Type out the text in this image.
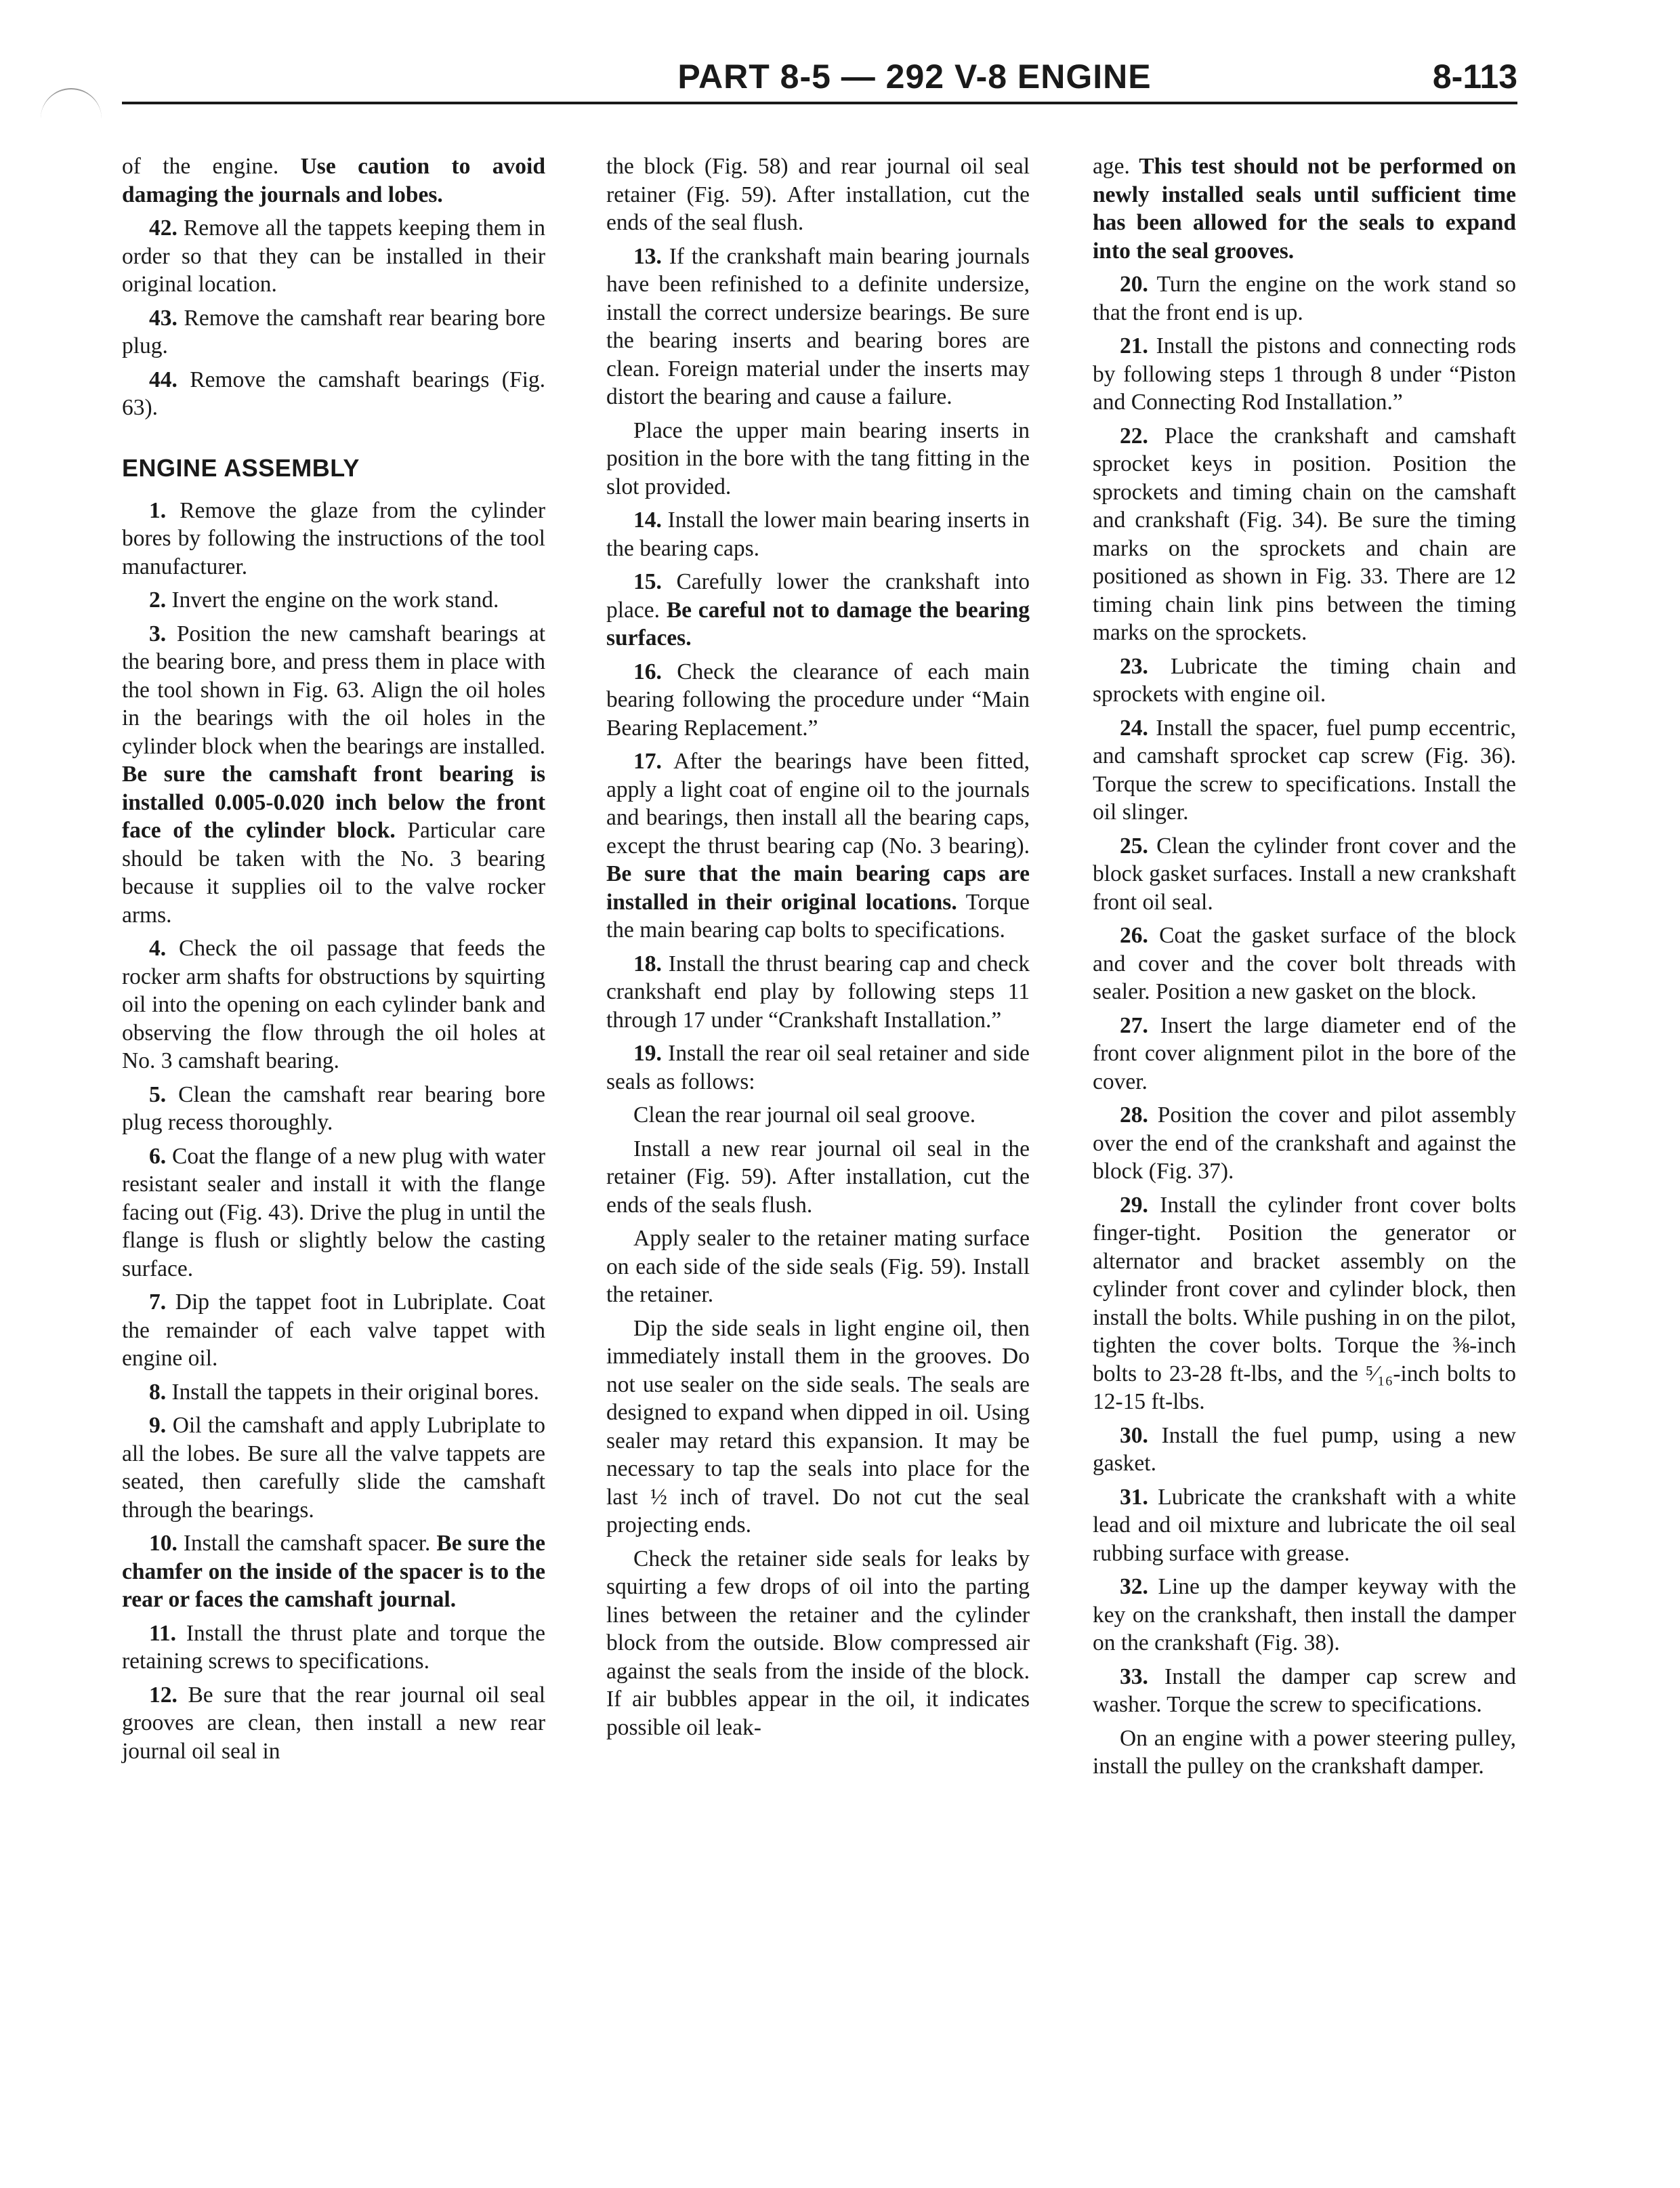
PART 8-5 — 292 V-8 ENGINE	8-113

of the engine. Use caution to avoid damaging the journals and lobes.

42. Remove all the tappets keeping them in order so that they can be installed in their original location.

43. Remove the camshaft rear bearing bore plug.

44. Remove the camshaft bearings (Fig. 63).

ENGINE ASSEMBLY

1. Remove the glaze from the cylinder bores by following the instructions of the tool manufacturer.

2. Invert the engine on the work stand.

3. Position the new camshaft bearings at the bearing bore, and press them in place with the tool shown in Fig. 63. Align the oil holes in the bearings with the oil holes in the cylinder block when the bearings are installed. Be sure the camshaft front bearing is installed 0.005-0.020 inch below the front face of the cylinder block. Particular care should be taken with the No. 3 bearing because it supplies oil to the valve rocker arms.

4. Check the oil passage that feeds the rocker arm shafts for obstructions by squirting oil into the opening on each cylinder bank and observing the flow through the oil holes at No. 3 camshaft bearing.

5. Clean the camshaft rear bearing bore plug recess thoroughly.

6. Coat the flange of a new plug with water resistant sealer and install it with the flange facing out (Fig. 43). Drive the plug in until the flange is flush or slightly below the casting surface.

7. Dip the tappet foot in Lubriplate. Coat the remainder of each valve tappet with engine oil.

8. Install the tappets in their original bores.

9. Oil the camshaft and apply Lubriplate to all the lobes. Be sure all the valve tappets are seated, then carefully slide the camshaft through the bearings.

10. Install the camshaft spacer. Be sure the chamfer on the inside of the spacer is to the rear or faces the camshaft journal.

11. Install the thrust plate and torque the retaining screws to specifications.

12. Be sure that the rear journal oil seal grooves are clean, then install a new rear journal oil seal in

the block (Fig. 58) and rear journal oil seal retainer (Fig. 59). After installation, cut the ends of the seal flush.

13. If the crankshaft main bearing journals have been refinished to a definite undersize, install the correct undersize bearings. Be sure the bearing inserts and bearing bores are clean. Foreign material under the inserts may distort the bearing and cause a failure.

Place the upper main bearing inserts in position in the bore with the tang fitting in the slot provided.

14. Install the lower main bearing inserts in the bearing caps.

15. Carefully lower the crankshaft into place. Be careful not to damage the bearing surfaces.

16. Check the clearance of each main bearing following the procedure under “Main Bearing Replacement.”

17. After the bearings have been fitted, apply a light coat of engine oil to the journals and bearings, then install all the bearing caps, except the thrust bearing cap (No. 3 bearing). Be sure that the main bearing caps are installed in their original locations. Torque the main bearing cap bolts to specifications.

18. Install the thrust bearing cap and check crankshaft end play by following steps 11 through 17 under “Crankshaft Installation.”

19. Install the rear oil seal retainer and side seals as follows:

Clean the rear journal oil seal groove.

Install a new rear journal oil seal in the retainer (Fig. 59). After installation, cut the ends of the seals flush.

Apply sealer to the retainer mating surface on each side of the side seals (Fig. 59). Install the retainer.

Dip the side seals in light engine oil, then immediately install them in the grooves. Do not use sealer on the side seals. The seals are designed to expand when dipped in oil. Using sealer may retard this expansion. It may be necessary to tap the seals into place for the last ½ inch of travel. Do not cut the seal projecting ends.

Check the retainer side seals for leaks by squirting a few drops of oil into the parting lines between the retainer and the cylinder block from the outside. Blow compressed air against the seals from the inside of the block. If air bubbles appear in the oil, it indicates possible oil leak-

age. This test should not be performed on newly installed seals until sufficient time has been allowed for the seals to expand into the seal grooves.

20. Turn the engine on the work stand so that the front end is up.

21. Install the pistons and connecting rods by following steps 1 through 8 under “Piston and Connecting Rod Installation.”

22. Place the crankshaft and camshaft sprocket keys in position. Position the sprockets and timing chain on the camshaft and crankshaft (Fig. 34). Be sure the timing marks on the sprockets and chain are positioned as shown in Fig. 33. There are 12 timing chain link pins between the timing marks on the sprockets.

23. Lubricate the timing chain and sprockets with engine oil.

24. Install the spacer, fuel pump eccentric, and camshaft sprocket cap screw (Fig. 36). Torque the screw to specifications. Install the oil slinger.

25. Clean the cylinder front cover and the block gasket surfaces. Install a new crankshaft front oil seal.

26. Coat the gasket surface of the block and cover and the cover bolt threads with sealer. Position a new gasket on the block.

27. Insert the large diameter end of the front cover alignment pilot in the bore of the cover.

28. Position the cover and pilot assembly over the end of the crankshaft and against the block (Fig. 37).

29. Install the cylinder front cover bolts finger-tight. Position the generator or alternator and bracket assembly on the cylinder front cover and cylinder block, then install the bolts. While pushing in on the pilot, tighten the cover bolts. Torque the ⅜-inch bolts to 23-28 ft-lbs, and the ⁵⁄₁₆-inch bolts to 12-15 ft-lbs.

30. Install the fuel pump, using a new gasket.

31. Lubricate the crankshaft with a white lead and oil mixture and lubricate the oil seal rubbing surface with grease.

32. Line up the damper keyway with the key on the crankshaft, then install the damper on the crankshaft (Fig. 38).

33. Install the damper cap screw and washer. Torque the screw to specifications.

On an engine with a power steering pulley, install the pulley on the crankshaft damper.
